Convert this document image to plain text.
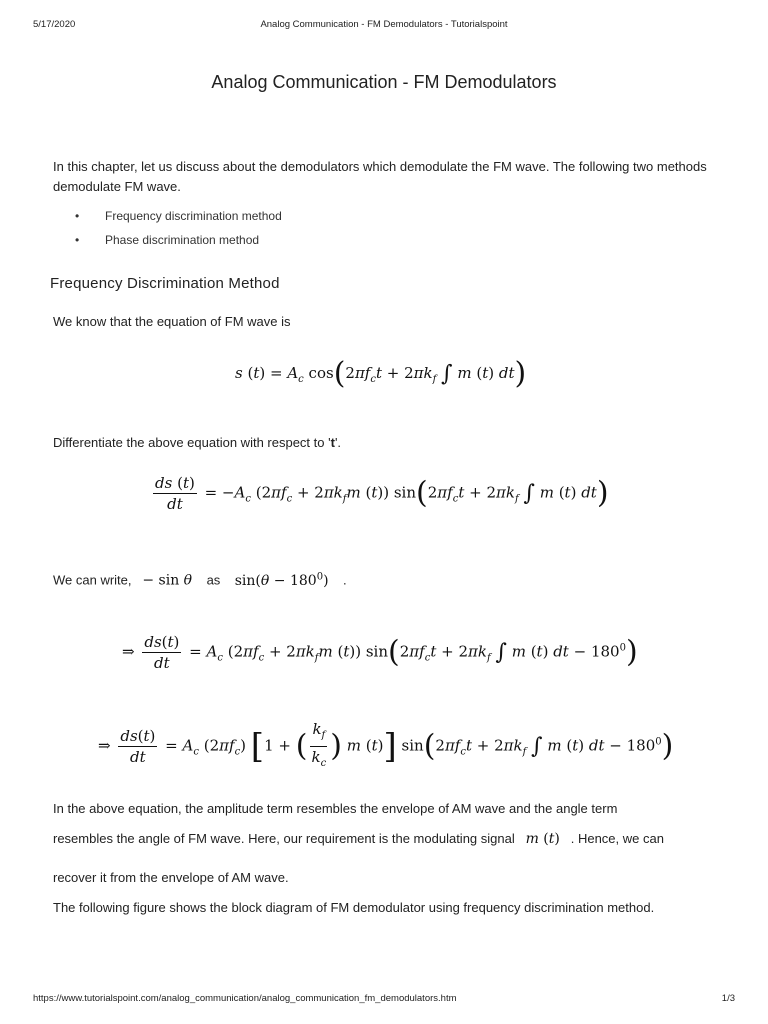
5/17/2020	Analog Communication - FM Demodulators - Tutorialspoint
Analog Communication - FM Demodulators

In this chapter, let us discuss about the demodulators which demodulate the FM wave. The following two methods demodulate FM wave.

• Frequency discrimination method
• Phase discrimination method
Frequency Discrimination Method

We know that the equation of FM wave is

s $(t) = A_c$ $\cos(2\pi f_ct + 2\pi k_f$ ∫ m (t) dt)

Differentiate the above equation with respect to 't'.

$\frac{ds (t)}{dt} = -A_c$ ($2\pi f_c + 2\pi k_fm$ (t)) $\sin(2\pi f_ct + 2\pi k_f$ ∫ m (t) dt)

We can write, − sin θ as $\sin(\theta - 180^0)$ .

⇒ $\frac{ds(t)}{dt} = A_c$ ($2\pi f_c + 2\pi k_fm$ (t)) $\sin(2\pi f_ct + 2\pi k_f$ ∫ m (t) dt − $180^0$)
⇒ $\frac{ds(t)}{dt} = A_c$ $(2\pi f_c) [1$ + ( $\frac{k_f}{k_c}$ ) m (t)] $\sin(2\pi f_ct + 2\pi k_f$ ∫ m (t) dt − $180^0$)

In the above equation, the amplitude term resembles the envelope of AM wave and the angle term

resembles the angle of FM wave. Here, our requirement is the modulating signal m (t) . Hence, we can

recover it from the envelope of AM wave.

The following figure shows the block diagram of FM demodulator using frequency discrimination method.

https://www.tutorialspoint.com/analog_communication/analog_communication_fm_demodulators.htm	1/3
